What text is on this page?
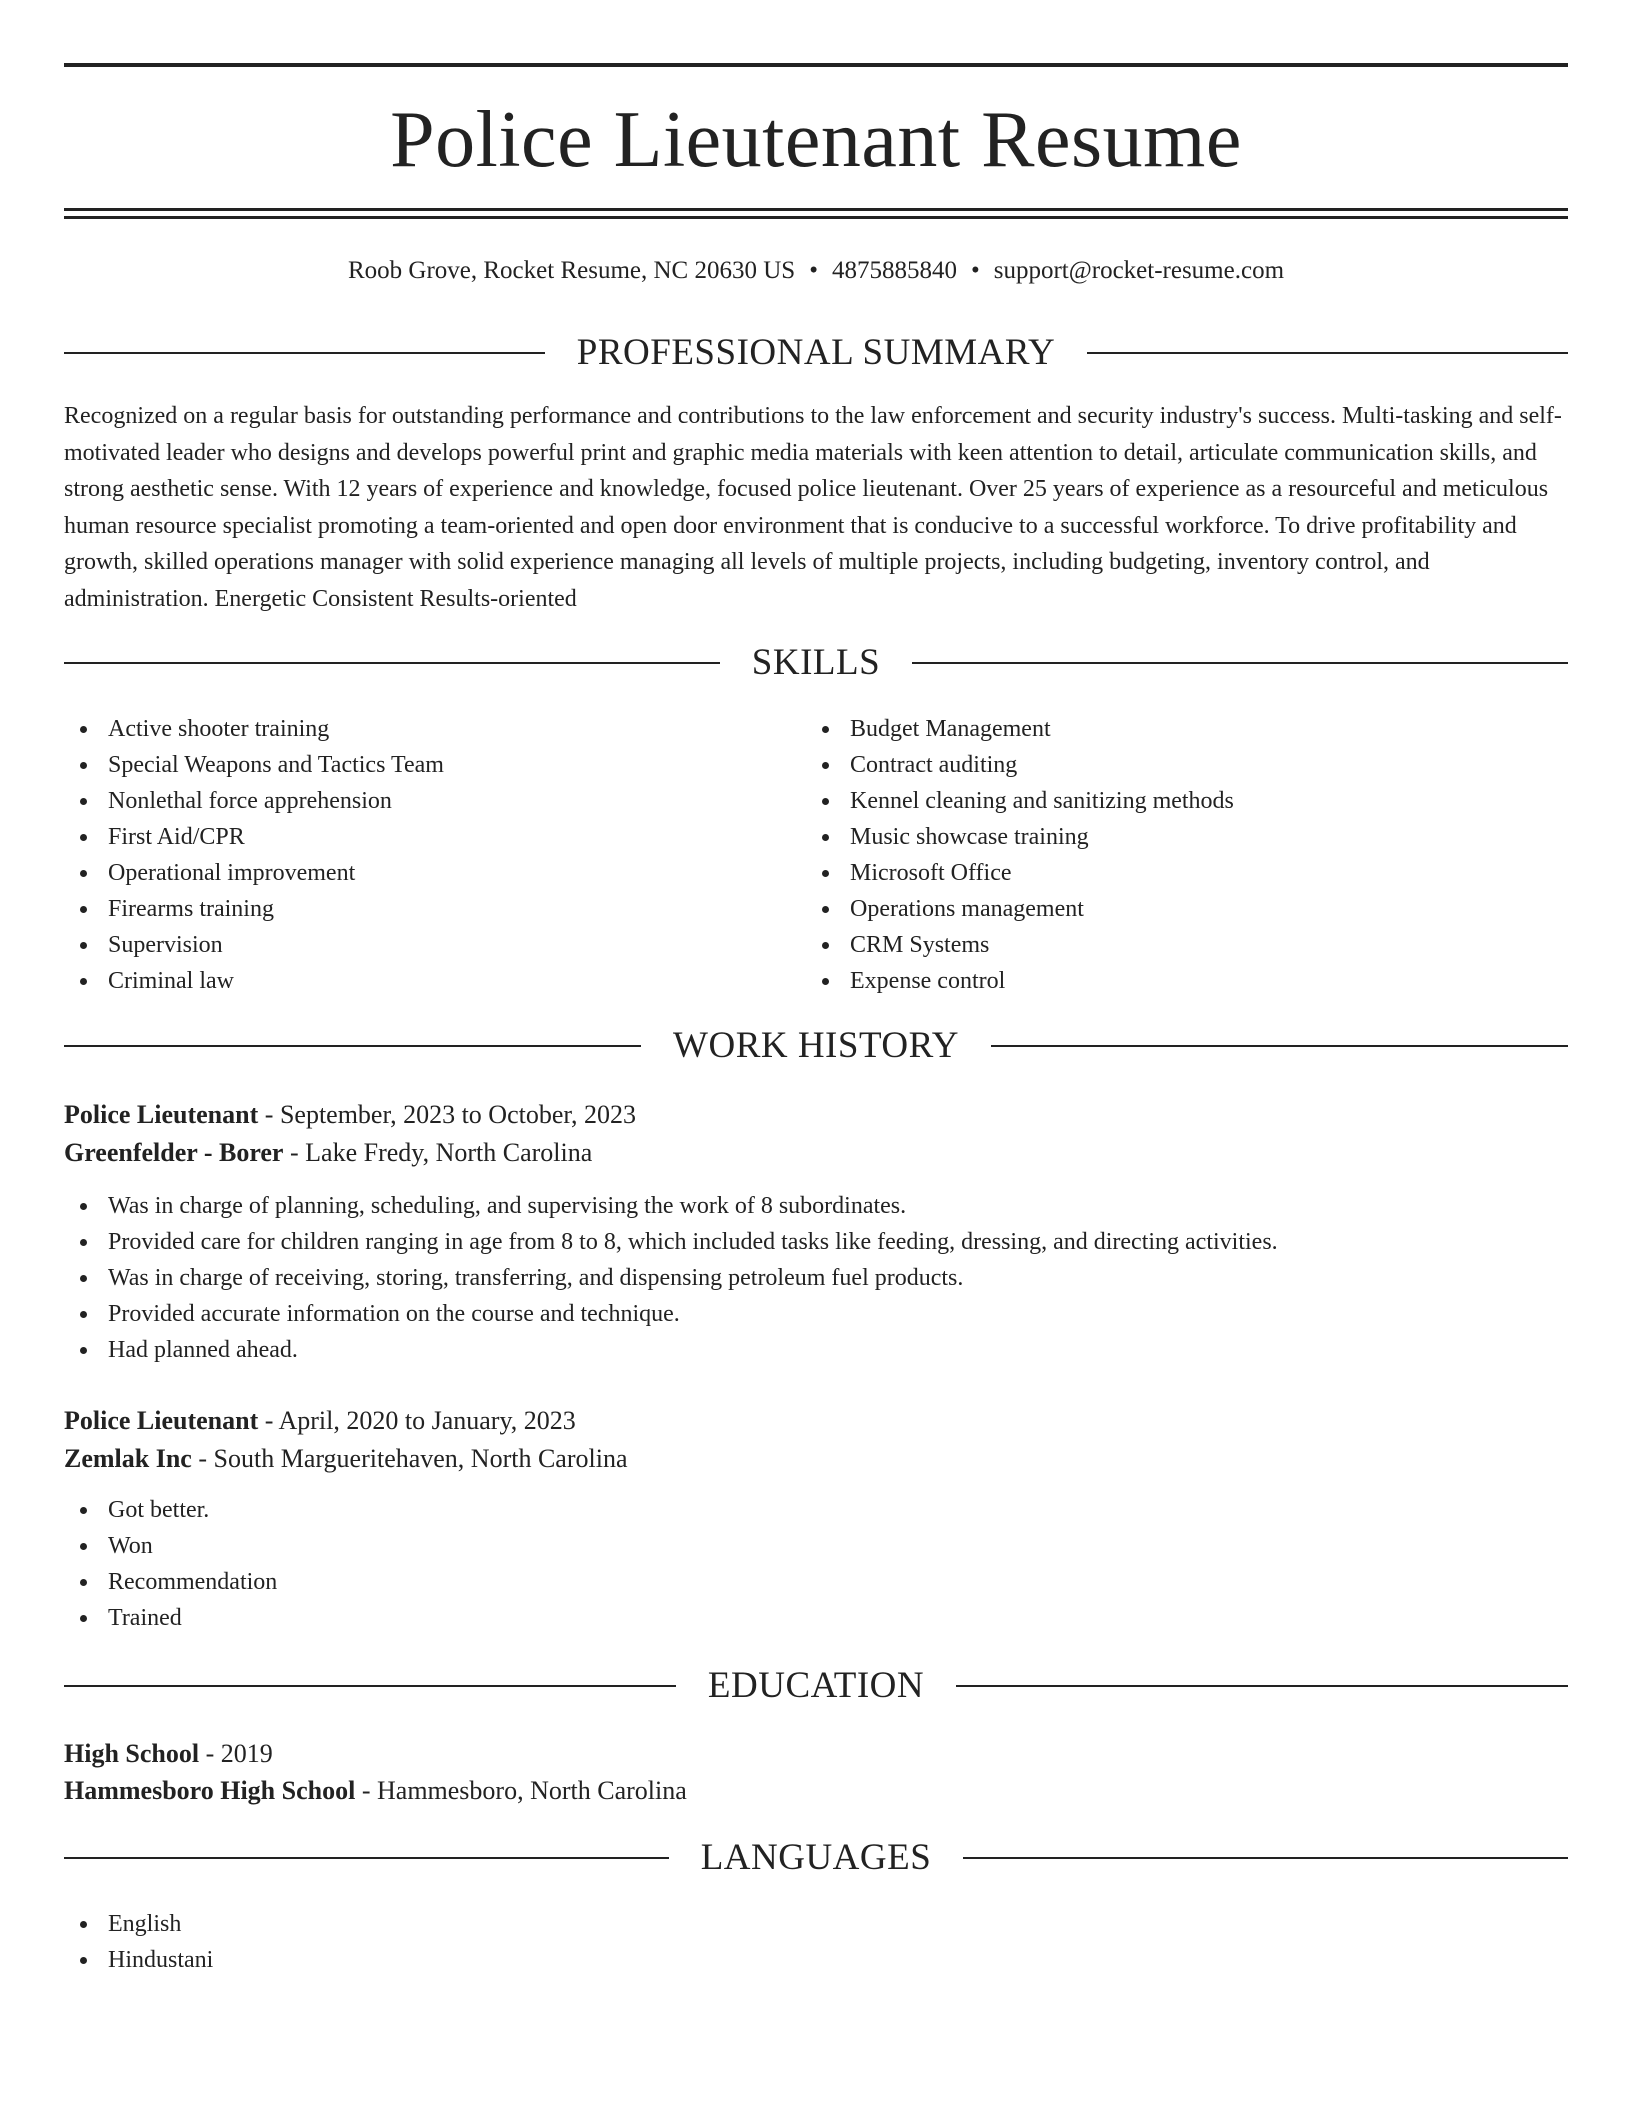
Police Lieutenant Resume
Roob Grove, Rocket Resume, NC 20630 US • 4875885840 • support@rocket-resume.com
PROFESSIONAL SUMMARY

Recognized on a regular basis for outstanding performance and contributions to the law enforcement and security industry's success. Multi-tasking and self-motivated leader who designs and develops powerful print and graphic media materials with keen attention to detail, articulate communication skills, and strong aesthetic sense. With 12 years of experience and knowledge, focused police lieutenant. Over 25 years of experience as a resourceful and meticulous human resource specialist promoting a team-oriented and open door environment that is conducive to a successful workforce. To drive profitability and growth, skilled operations manager with solid experience managing all levels of multiple projects, including budgeting, inventory control, and administration. Energetic Consistent Results-oriented

SKILLS
Active shooter training
Special Weapons and Tactics Team
Nonlethal force apprehension
First Aid/CPR
Operational improvement
Firearms training
Supervision
Criminal law
Budget Management
Contract auditing
Kennel cleaning and sanitizing methods
Music showcase training
Microsoft Office
Operations management
CRM Systems
Expense control
WORK HISTORY
Police Lieutenant - September, 2023 to October, 2023
Greenfelder - Borer - Lake Fredy, North Carolina
Was in charge of planning, scheduling, and supervising the work of 8 subordinates.
Provided care for children ranging in age from 8 to 8, which included tasks like feeding, dressing, and directing activities.
Was in charge of receiving, storing, transferring, and dispensing petroleum fuel products.
Provided accurate information on the course and technique.
Had planned ahead.
Police Lieutenant - April, 2020 to January, 2023
Zemlak Inc - South Margueritehaven, North Carolina
Got better.
Won
Recommendation
Trained
EDUCATION
High School - 2019
Hammesboro High School - Hammesboro, North Carolina
LANGUAGES
English
Hindustani
